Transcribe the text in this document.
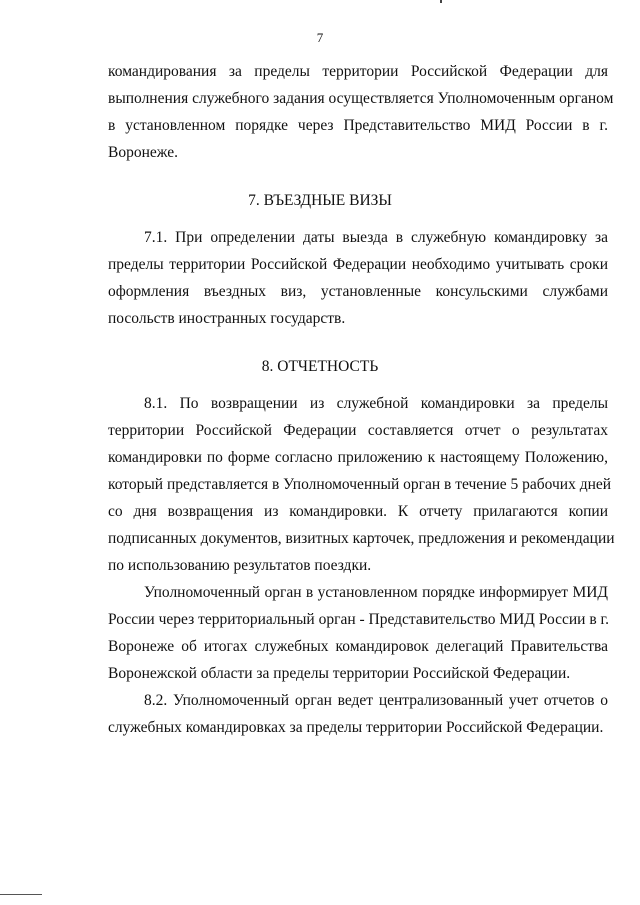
7
командирования за пределы территории Российской Федерации для
выполнения служебного задания осуществляется Уполномоченным органом
в установленном порядке через Представительство МИД России в г.
Воронеже.
7. ВЪЕЗДНЫЕ ВИЗЫ
7.1. При определении даты выезда в служебную командировку за
пределы территории Российской Федерации необходимо учитывать сроки
оформления въездных виз, установленные консульскими службами
посольств иностранных государств.
8. ОТЧЕТНОСТЬ
8.1. По возвращении из служебной командировки за пределы
территории Российской Федерации составляется отчет о результатах
командировки по форме согласно приложению к настоящему Положению,
который представляется в Уполномоченный орган в течение 5 рабочих дней
со дня возвращения из командировки. К отчету прилагаются копии
подписанных документов, визитных карточек, предложения и рекомендации
по использованию результатов поездки.
Уполномоченный орган в установленном порядке информирует МИД
России через территориальный орган - Представительство МИД России в г.
Воронеже об итогах служебных командировок делегаций Правительства
Воронежской области за пределы территории Российской Федерации.
8.2. Уполномоченный орган ведет централизованный учет отчетов о
служебных командировках за пределы территории Российской Федерации.
